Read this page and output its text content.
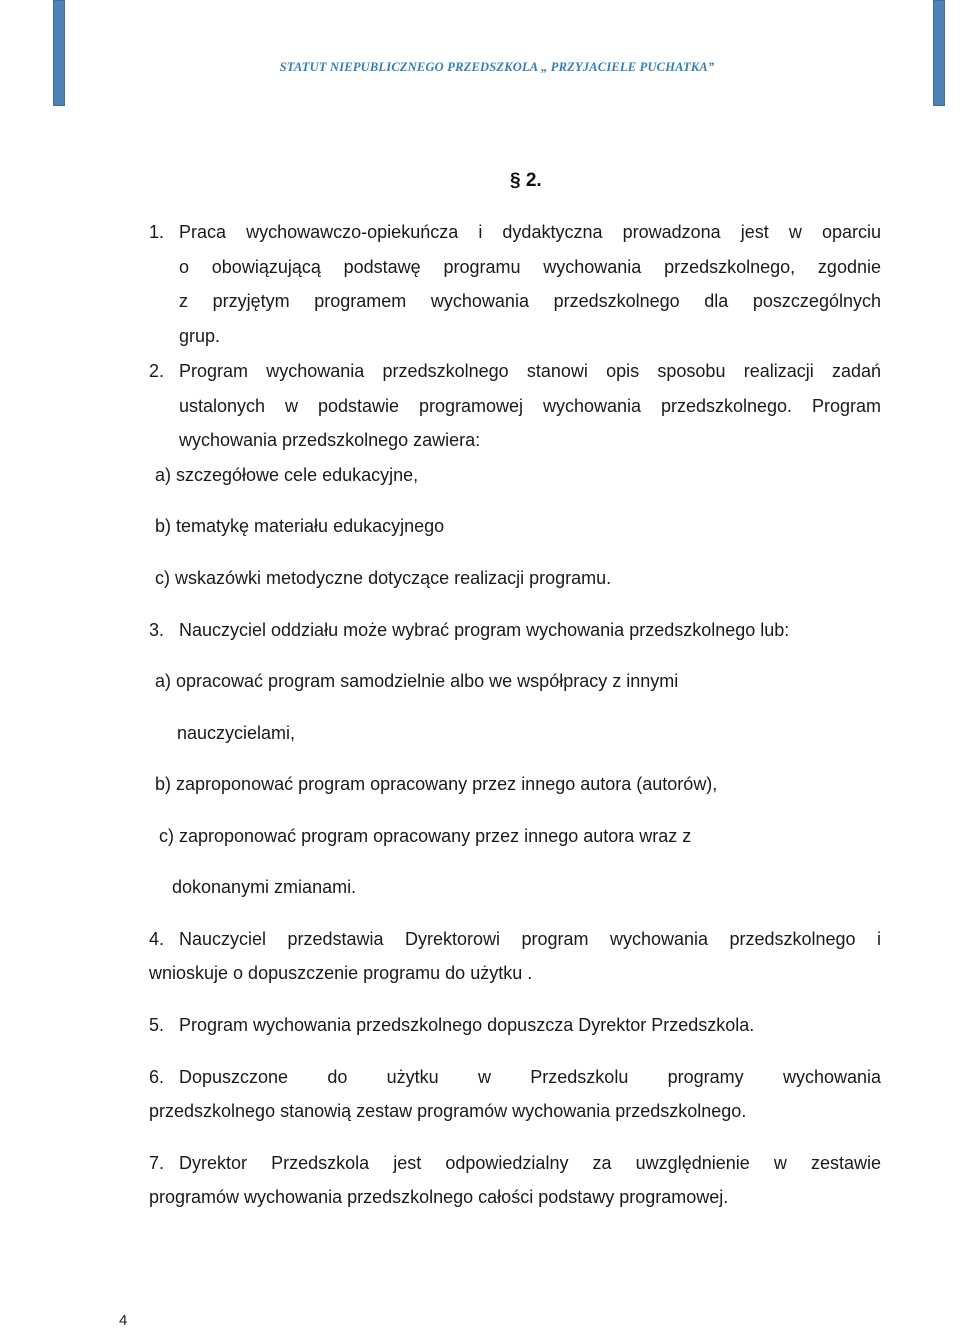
STATUT NIEPUBLICZNEGO PRZEDSZKOLA „ PRZYJACIELE PUCHATKA”
§ 2.
1. Praca wychowawczo-opiekuńcza i dydaktyczna prowadzona jest w oparciu
o obowiązującą podstawę programu wychowania przedszkolnego, zgodnie
z przyjętym programem wychowania przedszkolnego dla poszczególnych
grup.
2. Program wychowania przedszkolnego stanowi opis sposobu realizacji zadań
ustalonych w podstawie programowej wychowania przedszkolnego. Program
wychowania przedszkolnego zawiera:
a) szczegółowe cele edukacyjne,
b) tematykę materiału edukacyjnego
c) wskazówki metodyczne dotyczące realizacji programu.
3. Nauczyciel oddziału może wybrać program wychowania przedszkolnego lub:
a) opracować program samodzielnie albo we współpracy z innymi
nauczycielami,
b) zaproponować program opracowany przez innego autora (autorów),
c) zaproponować program opracowany przez innego autora wraz z
dokonanymi zmianami.
4. Nauczyciel przedstawia Dyrektorowi program wychowania przedszkolnego i
wnioskuje o dopuszczenie programu do użytku .
5. Program wychowania przedszkolnego dopuszcza Dyrektor Przedszkola.
6. Dopuszczone do użytku w Przedszkolu programy wychowania
przedszkolnego stanowią zestaw programów wychowania przedszkolnego.
7. Dyrektor Przedszkola jest odpowiedzialny za uwzględnienie w zestawie
programów wychowania przedszkolnego całości podstawy programowej.
4
